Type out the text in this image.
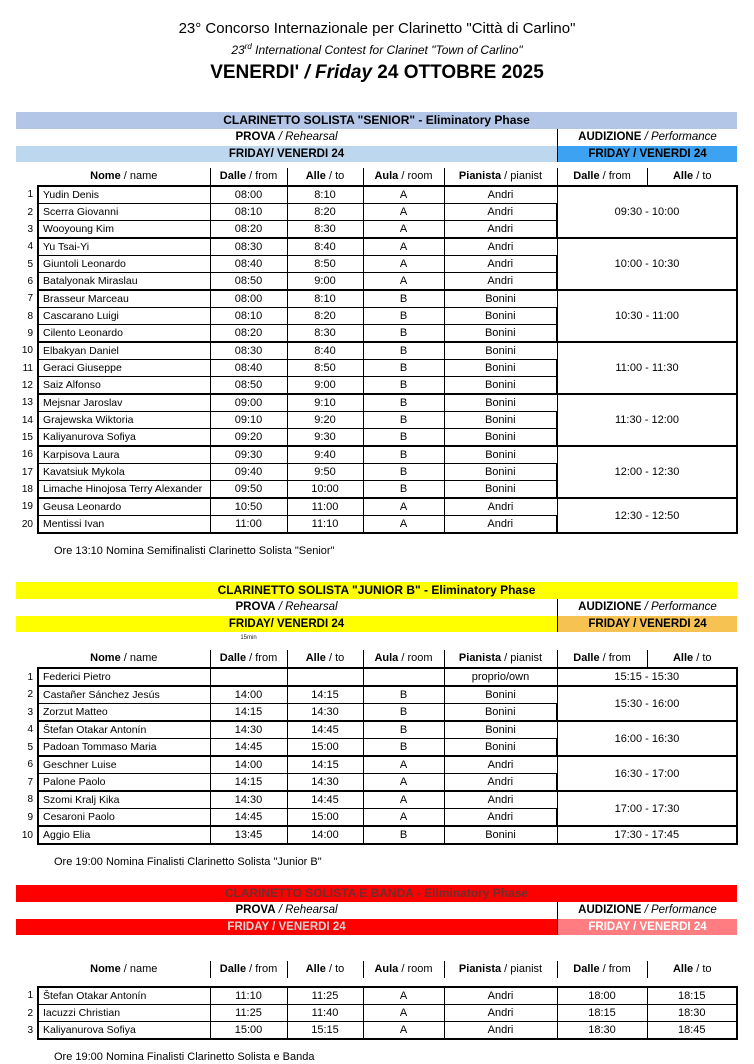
23° Concorso Internazionale per Clarinetto "Città di Carlino"
23rd International Contest for Clarinet "Town of Carlino"
VENERDI' / Friday 24 OTTOBRE 2025
CLARINETTO SOLISTA "SENIOR" - Eliminatory Phase
PROVA / Rehearsal	AUDIZIONE / Performance
FRIDAY/ VENERDI 24	FRIDAY / VENERDI 24
	Nome / name	Dalle / from	Alle / to	Aula / room	Pianista / pianist	Dalle / from	Alle / to
1	Yudin Denis	08:00	8:10	A	Andri	09:30 - 10:00
2	Scerra Giovanni	08:10	8:20	A	Andri	
3	Wooyoung Kim	08:20	8:30	A	Andri	
4	Yu Tsai-Yi	08:30	8:40	A	Andri	10:00 - 10:30
5	Giuntoli Leonardo	08:40	8:50	A	Andri	
6	Batalyonak Miraslau	08:50	9:00	A	Andri	
7	Brasseur Marceau	08:00	8:10	B	Bonini	10:30 - 11:00
8	Cascarano Luigi	08:10	8:20	B	Bonini	
9	Cilento Leonardo	08:20	8:30	B	Bonini	
10	Elbakyan Daniel	08:30	8:40	B	Bonini	11:00 - 11:30
11	Geraci Giuseppe	08:40	8:50	B	Bonini	
12	Saiz Alfonso	08:50	9:00	B	Bonini	
13	Mejsnar Jaroslav	09:00	9:10	B	Bonini	11:30 - 12:00
14	Grajewska Wiktoria	09:10	9:20	B	Bonini	
15	Kaliyanurova Sofiya	09:20	9:30	B	Bonini	
16	Karpisova Laura	09:30	9:40	B	Bonini	12:00 - 12:30
17	Kavatsiuk Mykola	09:40	9:50	B	Bonini	
18	Limache Hinojosa Terry Alexander	09:50	10:00	B	Bonini	
19	Geusa Leonardo	10:50	11:00	A	Andri	12:30 - 12:50
20	Mentissi Ivan	11:00	11:10	A	Andri	
Ore 13:10 Nomina Semifinalisti Clarinetto Solista "Senior"
CLARINETTO SOLISTA "JUNIOR B" - Eliminatory Phase
PROVA / Rehearsal	AUDIZIONE / Performance
FRIDAY/ VENERDI 24	FRIDAY / VENERDI 24
15min
	Nome / name	Dalle / from	Alle / to	Aula / room	Pianista / pianist	Dalle / from	Alle / to
1	Federici Pietro				proprio/own	15:15 - 15:30
2	Castañer Sánchez Jesús	14:00	14:15	B	Bonini	15:30 - 16:00
3	Zorzut Matteo	14:15	14:30	B	Bonini	
4	Štefan Otakar Antonín	14:30	14:45	B	Bonini	16:00 - 16:30
5	Padoan Tommaso Maria	14:45	15:00	B	Bonini	
6	Geschner Luise	14:00	14:15	A	Andri	16:30 - 17:00
7	Palone Paolo	14:15	14:30	A	Andri	
8	Szomi Kralj Kika	14:30	14:45	A	Andri	17:00 - 17:30
9	Cesaroni Paolo	14:45	15:00	A	Andri	
10	Aggio Elia	13:45	14:00	B	Bonini	17:30 - 17:45
Ore 19:00 Nomina Finalisti Clarinetto Solista "Junior B"
CLARINETTO SOLISTA E BANDA - Eliminatory Phase
PROVA / Rehearsal	AUDIZIONE / Performance
FRIDAY / VENERDI 24	FRIDAY / VENERDI 24
	Nome / name	Dalle / from	Alle / to	Aula / room	Pianista / pianist	Dalle / from	Alle / to
1	Štefan Otakar Antonín	11:10	11:25	A	Andri	18:00	18:15
2	Iacuzzi Christian	11:25	11:40	A	Andri	18:15	18:30
3	Kaliyanurova Sofiya	15:00	15:15	A	Andri	18:30	18:45
Ore 19:00 Nomina Finalisti Clarinetto Solista e Banda
